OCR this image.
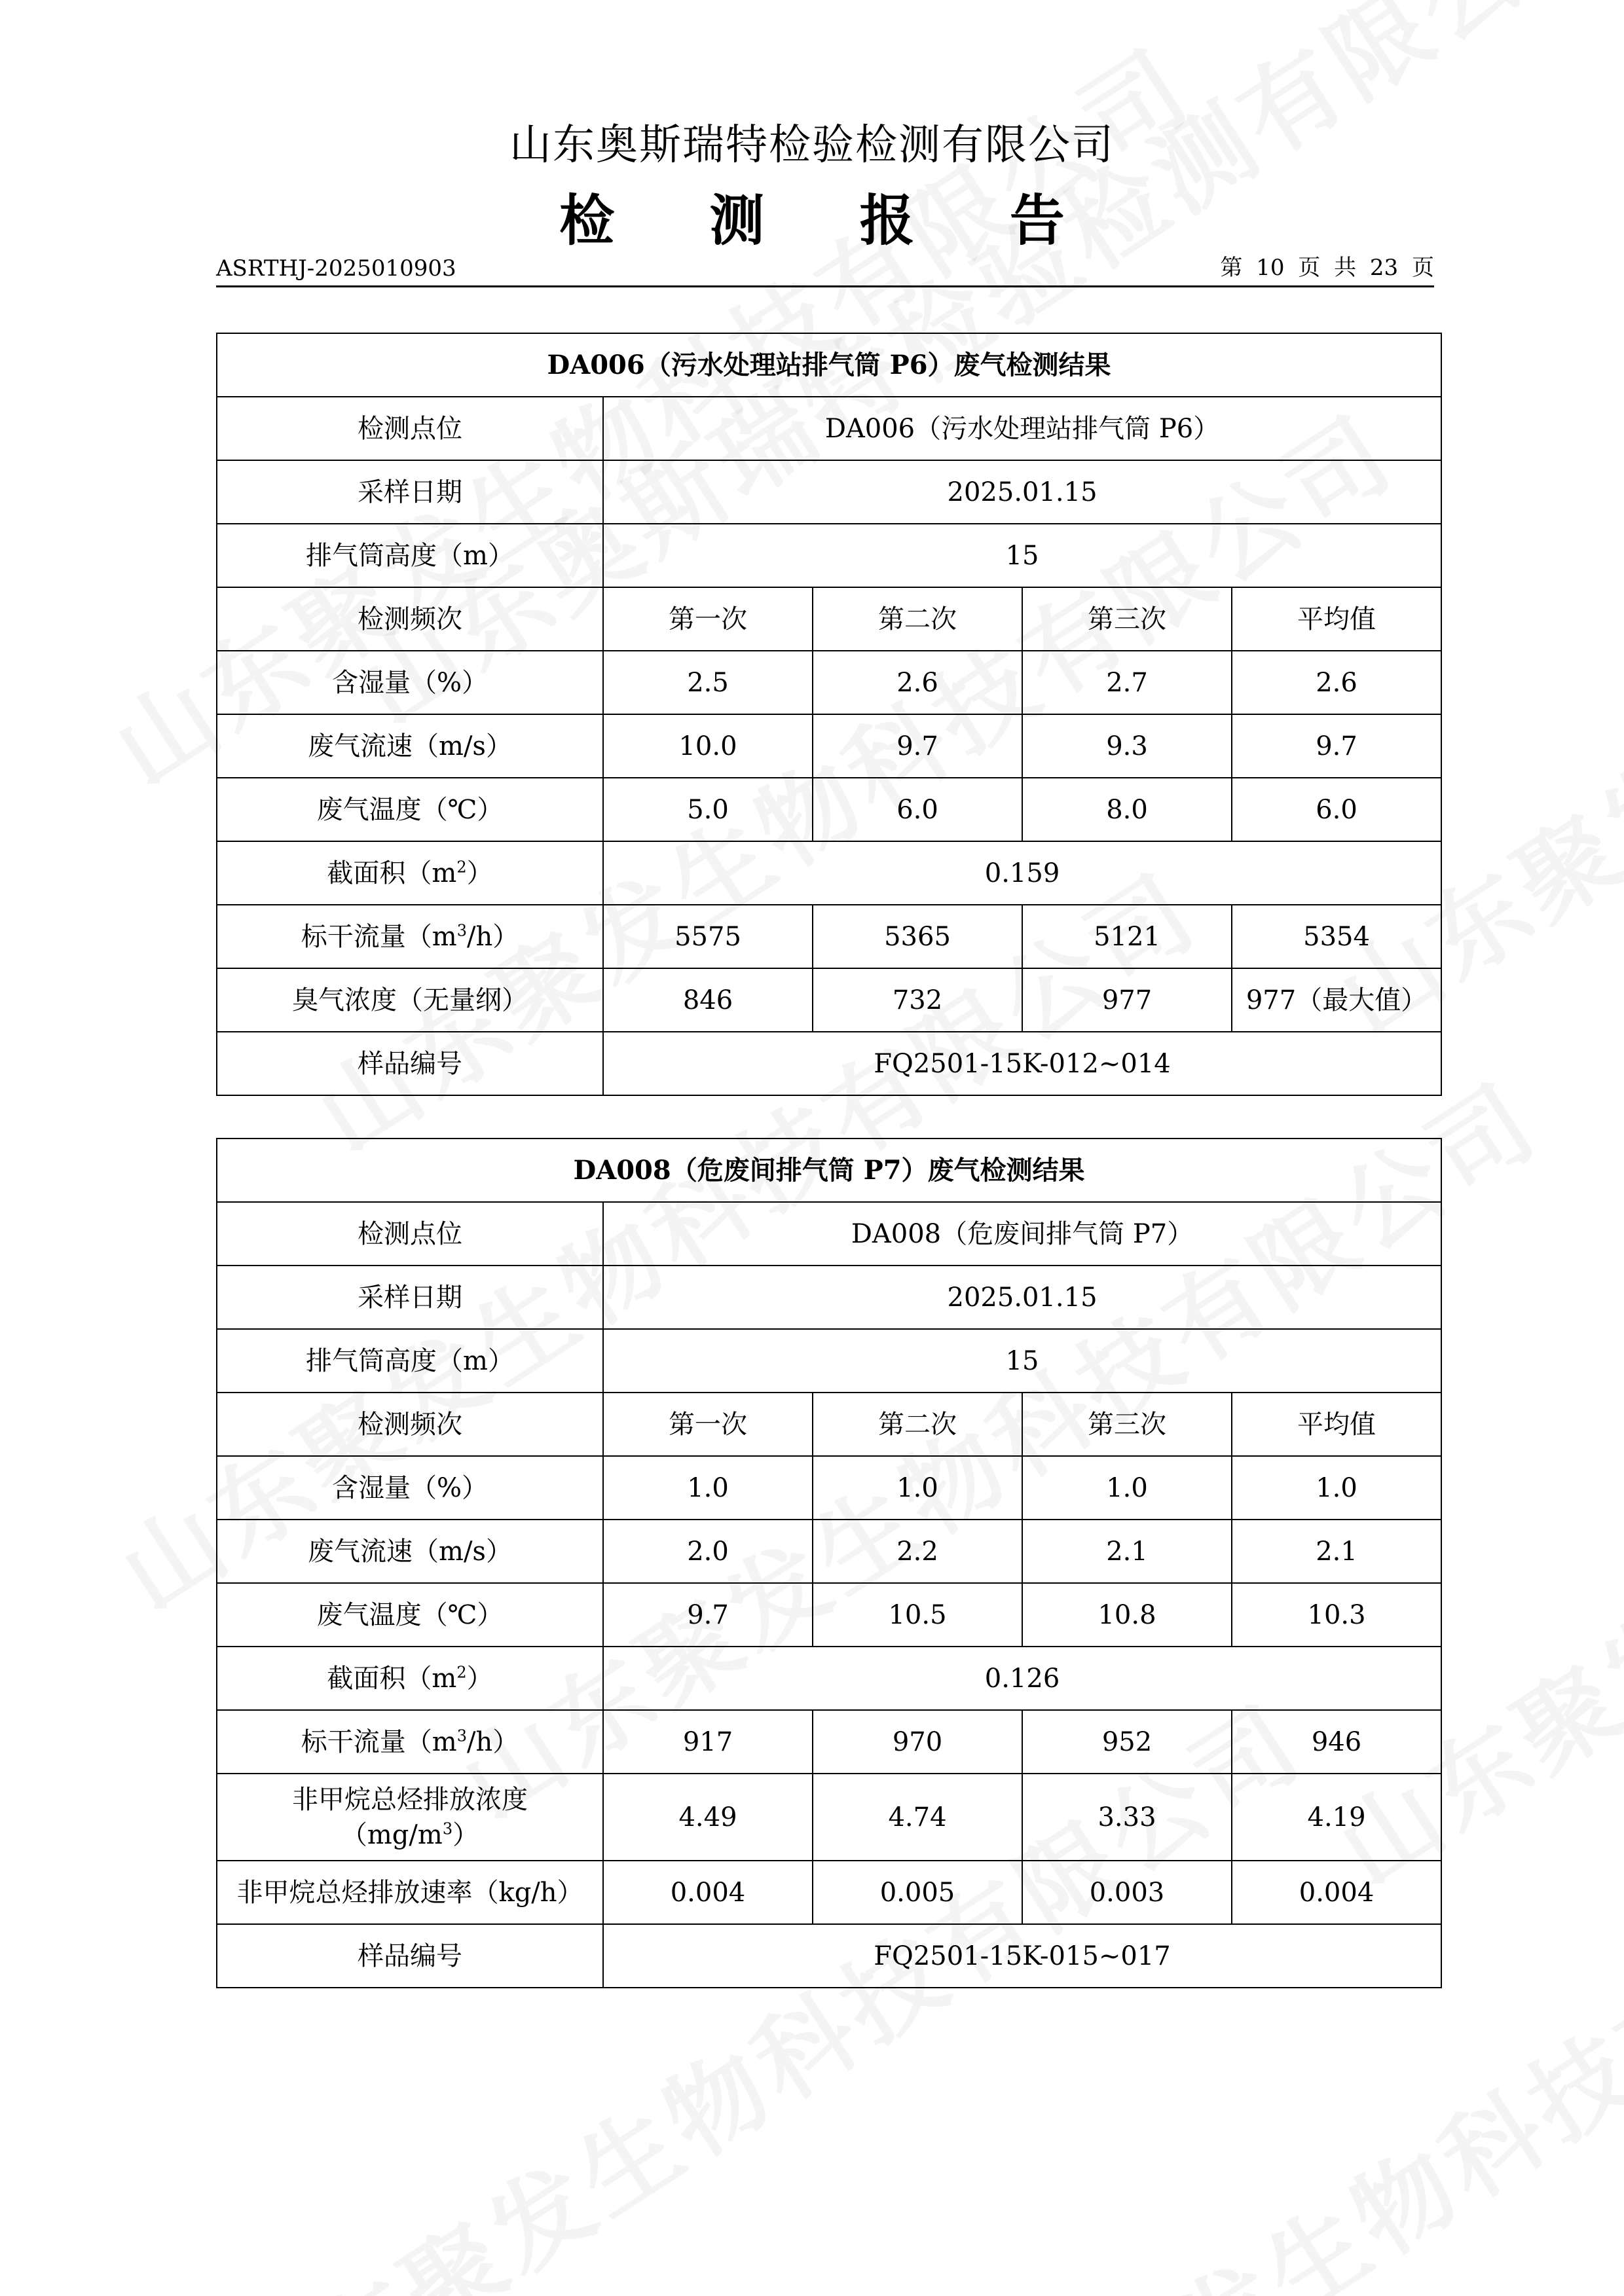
山东奥斯瑞特检验检测有限公司
检 测 报 告
ASRTHJ-2025010903	第 10 页 共 23 页
DA006（污水处理站排气筒 P6）废气检测结果				
检测点位	DA006（污水处理站排气筒 P6）			
采样日期	2025.01.15			
排气筒高度（m）	15			
检测频次	第一次	第二次	第三次	平均值
含湿量（%）	2.5	2.6	2.7	2.6
废气流速（m/s）	10.0	9.7	9.3	9.7
废气温度（℃）	5.0	6.0	8.0	6.0
截面积$(m^2)$	0.159			
标干流量$(m^3/h)$	5575	5365	5121	5354
臭气浓度（无量纲）	846	732	977	977（最大值）
样品编号	FQ2501-15K-012~014			
DA008（危废间排气筒 P7）废气检测结果				
检测点位	DA008（危废间排气筒 P7）			
采样日期	2025.01.15			
排气筒高度（m）	15			
检测频次	第一次	第二次	第三次	平均值
含湿量（%）	1.0	1.0	1.0	1.0
废气流速（m/s）	2.0	2.2	2.1	2.1
废气温度（℃）	9.7	10.5	10.8	10.3
截面积$(m^2)$	0.126			
标干流量$(m^3/h)$	917	970	952	946
非甲烷总烃排放浓度
$(mg/m^3)$	4.49	4.74	3.33	4.19
非甲烷总烃排放速率（kg/h）	0.004	0.005	0.003	0.004
样品编号	FQ2501-15K-015~017			
